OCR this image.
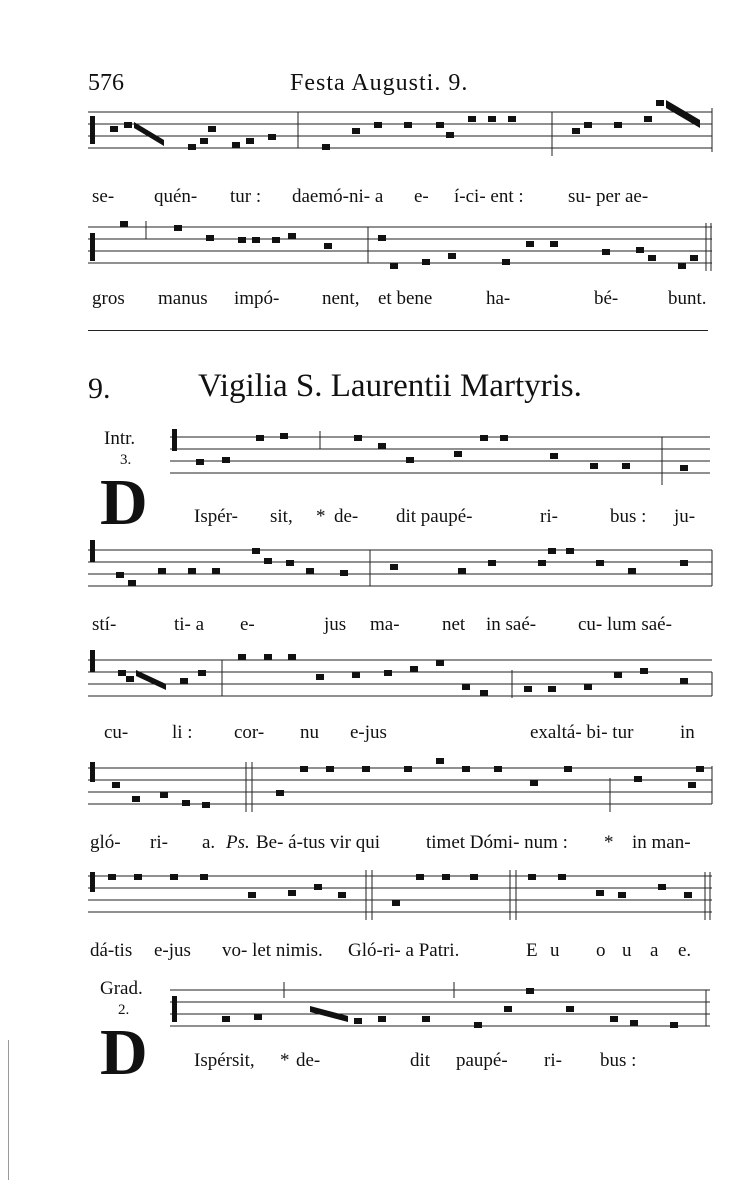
576	Festa Augusti. 9.
se- quén- tur : daemó-ni- a e- í-ci- ent : su- per ae-
gros manus impó- nent, et bene	ha-	bé-	bunt.
9.	Vigilia S. Laurentii Martyris.
Intr.
3.
D Ispér- sit, * de- dit paupé-	ri-	bus : ju-
stí-	ti- a e-	jus ma- net in saé- cu- lum saé-
cu- li : cor- nu e-jus	exaltá- bi- tur in
gló- ri- a. Ps. Be- á-tus vir qui timet Dómi- num : * in man-
dá-tis e-jus vo- let nimis. Gló-ri- a Patri.	E u o u a e.
Grad.
2.
D Ispérsit, * de-	dit paupé- ri- bus :
